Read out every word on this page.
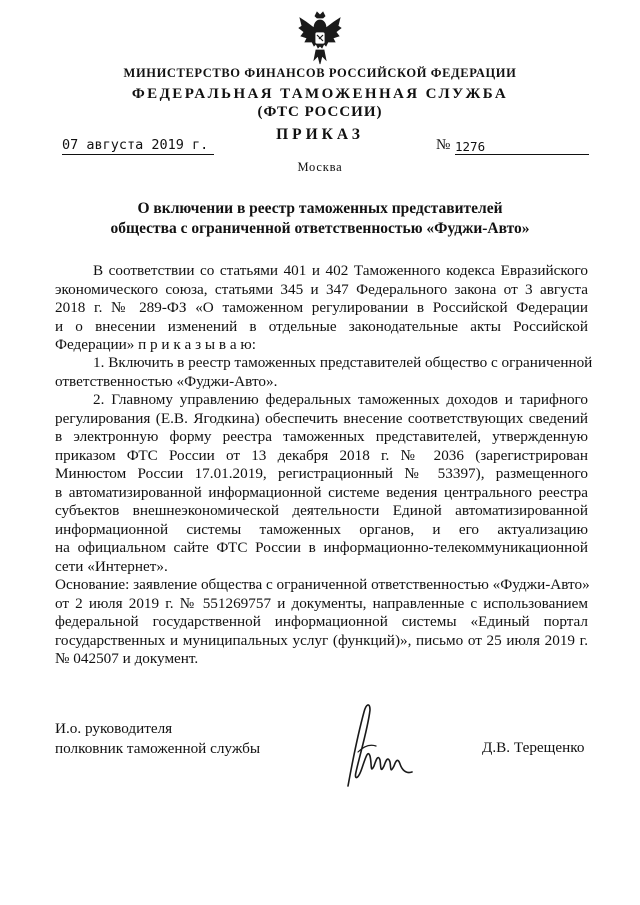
МИНИСТЕРСТВО ФИНАНСОВ РОССИЙСКОЙ ФЕДЕРАЦИИ
ФЕДЕРАЛЬНАЯ ТАМОЖЕННАЯ СЛУЖБА
(ФТС РОССИИ)
ПРИКАЗ
07 августа 2019 г.	№ 1276
Москва
О включении в реестр таможенных представителей
общества с ограниченной ответственностью «Фуджи-Авто»
В соответствии со статьями 401 и 402 Таможенного кодекса Евразийского
экономического союза, статьями 345 и 347 Федерального закона от 3 августа
2018 г. № 289-ФЗ «О таможенном регулировании в Российской Федерации
и о внесении изменений в отдельные законодательные акты Российской
Федерации» п р и к а з ы в а ю:
1. Включить в реестр таможенных представителей общество с ограниченной
ответственностью «Фуджи-Авто».
2. Главному управлению федеральных таможенных доходов и тарифного
регулирования (Е.В. Ягодкина) обеспечить внесение соответствующих сведений
в электронную форму реестра таможенных представителей, утвержденную
приказом ФТС России от 13 декабря 2018 г. № 2036 (зарегистрирован
Минюстом России 17.01.2019, регистрационный № 53397), размещенного
в автоматизированной информационной системе ведения центрального реестра
субъектов внешнеэкономической деятельности Единой автоматизированной
информационной системы таможенных органов, и его актуализацию
на официальном сайте ФТС России в информационно-телекоммуникационной
сети «Интернет».
Основание: заявление общества с ограниченной ответственностью «Фуджи-Авто»
от 2 июля 2019 г. № 551269757 и документы, направленные с использованием
федеральной государственной информационной системы «Единый портал
государственных и муниципальных услуг (функций)», письмо от 25 июля 2019 г.
№ 042507 и документ.
И.о. руководителя
полковник таможенной службы	Д.В. Терещенко
